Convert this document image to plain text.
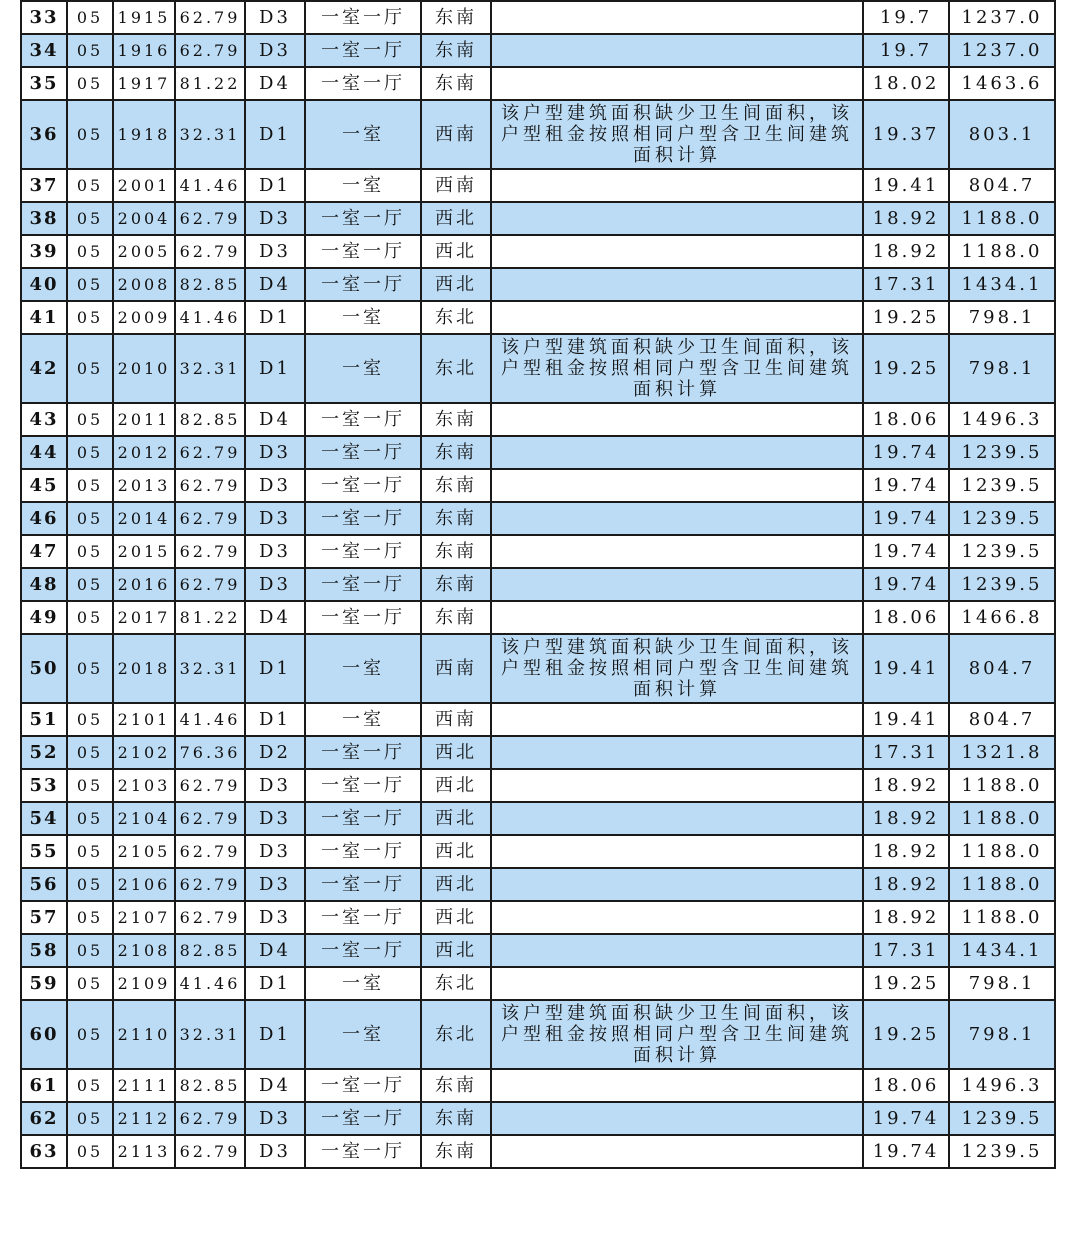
33	05	1915	62.79	D3	一室一厅	东南		19.7	1237.0
34	05	1916	62.79	D3	一室一厅	东南		19.7	1237.0
35	05	1917	81.22	D4	一室一厅	东南		18.02	1463.6
36	05	1918	32.31	D1	一室	西南	该户型建筑面积缺少卫生间面积，该户型租金按照相同户型含卫生间建筑面积计算	19.37	803.1
37	05	2001	41.46	D1	一室	西南		19.41	804.7
38	05	2004	62.79	D3	一室一厅	西北		18.92	1188.0
39	05	2005	62.79	D3	一室一厅	西北		18.92	1188.0
40	05	2008	82.85	D4	一室一厅	西北		17.31	1434.1
41	05	2009	41.46	D1	一室	东北		19.25	798.1
42	05	2010	32.31	D1	一室	东北	该户型建筑面积缺少卫生间面积，该户型租金按照相同户型含卫生间建筑面积计算	19.25	798.1
43	05	2011	82.85	D4	一室一厅	东南		18.06	1496.3
44	05	2012	62.79	D3	一室一厅	东南		19.74	1239.5
45	05	2013	62.79	D3	一室一厅	东南		19.74	1239.5
46	05	2014	62.79	D3	一室一厅	东南		19.74	1239.5
47	05	2015	62.79	D3	一室一厅	东南		19.74	1239.5
48	05	2016	62.79	D3	一室一厅	东南		19.74	1239.5
49	05	2017	81.22	D4	一室一厅	东南		18.06	1466.8
50	05	2018	32.31	D1	一室	西南	该户型建筑面积缺少卫生间面积，该户型租金按照相同户型含卫生间建筑面积计算	19.41	804.7
51	05	2101	41.46	D1	一室	西南		19.41	804.7
52	05	2102	76.36	D2	一室一厅	西北		17.31	1321.8
53	05	2103	62.79	D3	一室一厅	西北		18.92	1188.0
54	05	2104	62.79	D3	一室一厅	西北		18.92	1188.0
55	05	2105	62.79	D3	一室一厅	西北		18.92	1188.0
56	05	2106	62.79	D3	一室一厅	西北		18.92	1188.0
57	05	2107	62.79	D3	一室一厅	西北		18.92	1188.0
58	05	2108	82.85	D4	一室一厅	西北		17.31	1434.1
59	05	2109	41.46	D1	一室	东北		19.25	798.1
60	05	2110	32.31	D1	一室	东北	该户型建筑面积缺少卫生间面积，该户型租金按照相同户型含卫生间建筑面积计算	19.25	798.1
61	05	2111	82.85	D4	一室一厅	东南		18.06	1496.3
62	05	2112	62.79	D3	一室一厅	东南		19.74	1239.5
63	05	2113	62.79	D3	一室一厅	东南		19.74	1239.5
